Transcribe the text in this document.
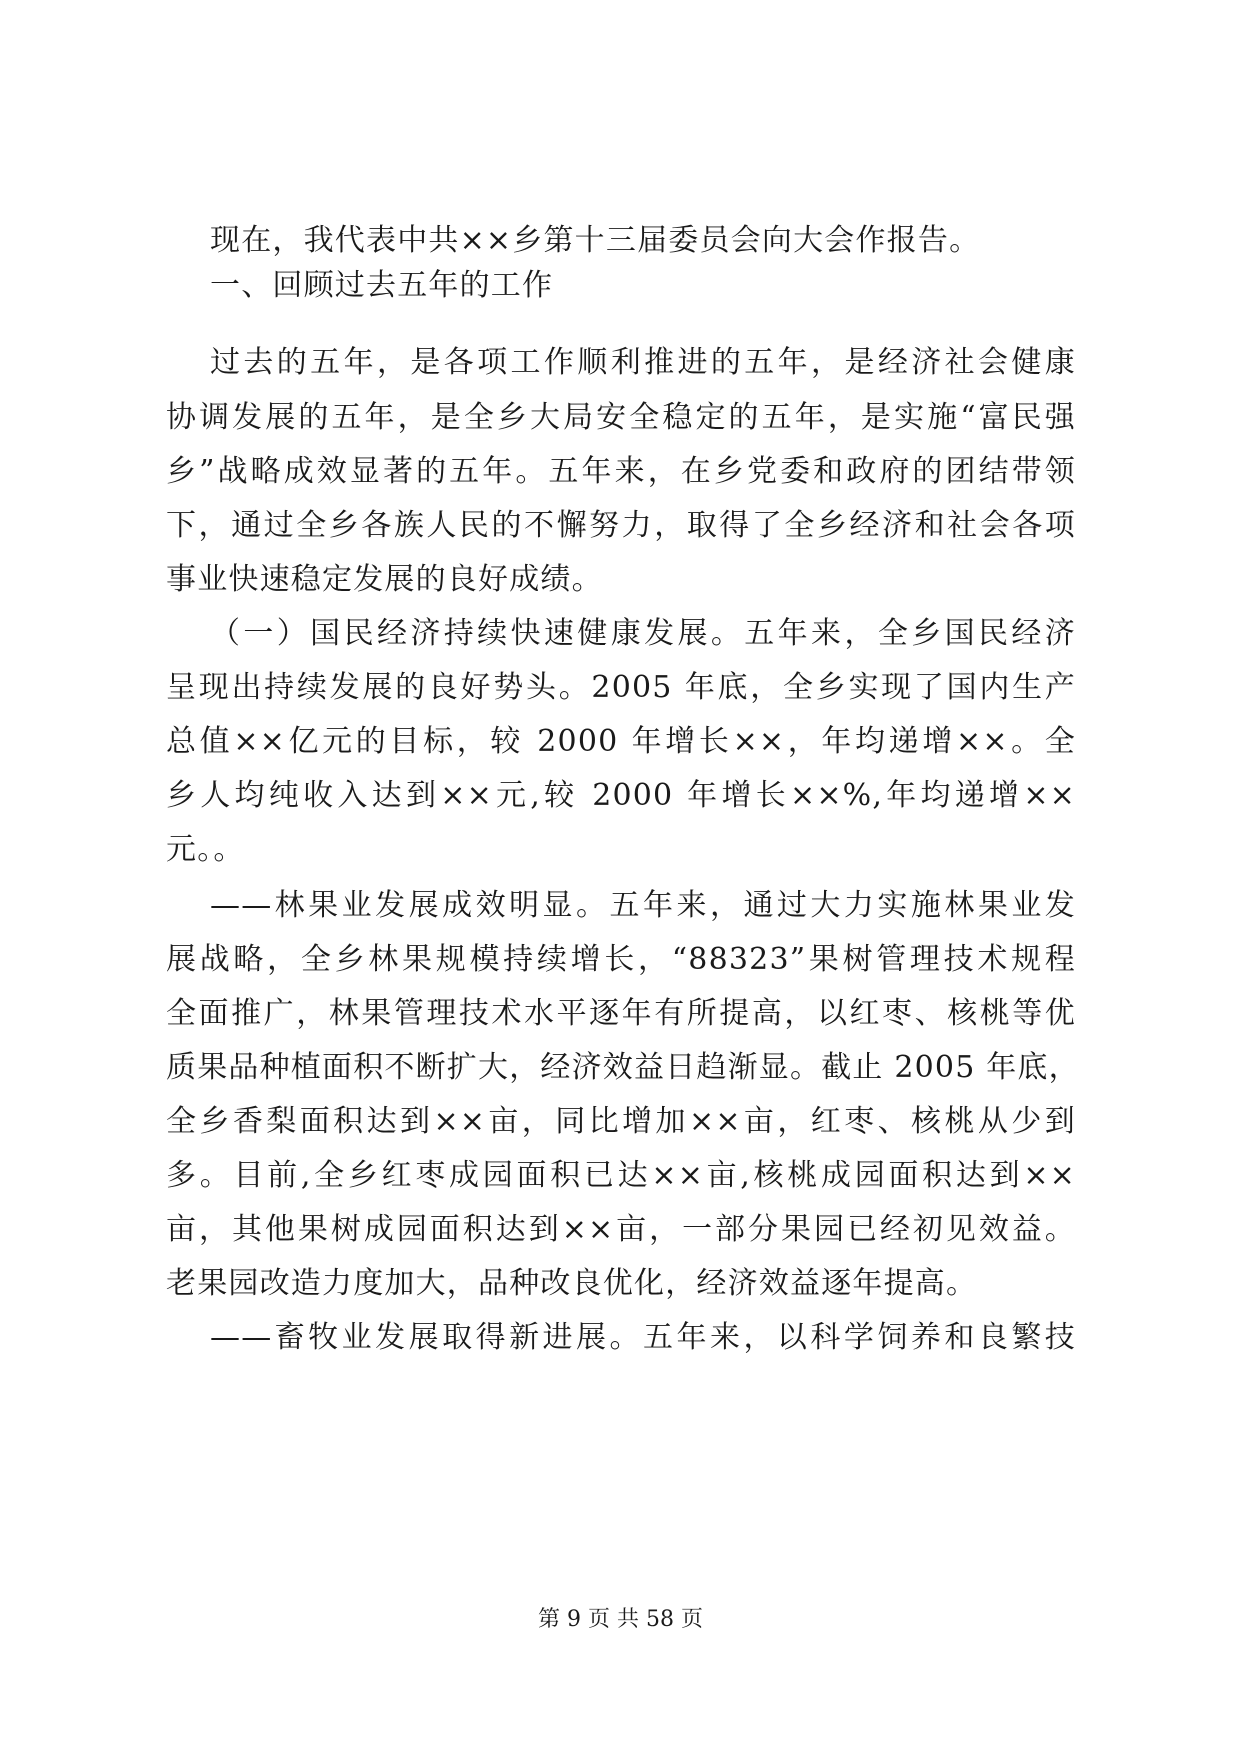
现在，我代表中共××乡第十三届委员会向大会作报告。
一、回顾过去五年的工作
过去的五年，是各项工作顺利推进的五年，是经济社会健康
协调发展的五年，是全乡大局安全稳定的五年，是实施“富民强
乡”战略成效显著的五年。五年来，在乡党委和政府的团结带领
下，通过全乡各族人民的不懈努力，取得了全乡经济和社会各项
事业快速稳定发展的良好成绩。
（一）国民经济持续快速健康发展。五年来，全乡国民经济
呈现出持续发展的良好势头。2005 年底，全乡实现了国内生产
总值××亿元的目标，较 2000 年增长××，年均递增××。全
乡人均纯收入达到××元,较 2000 年增长××%,年均递增××
元。。
——林果业发展成效明显。五年来，通过大力实施林果业发
展战略，全乡林果规模持续增长，“88323”果树管理技术规程
全面推广，林果管理技术水平逐年有所提高，以红枣、核桃等优
质果品种植面积不断扩大，经济效益日趋渐显。截止 2005 年底，
全乡香梨面积达到××亩，同比增加××亩，红枣、核桃从少到
多。目前,全乡红枣成园面积已达××亩,核桃成园面积达到××
亩，其他果树成园面积达到××亩，一部分果园已经初见效益。
老果园改造力度加大，品种改良优化，经济效益逐年提高。
——畜牧业发展取得新进展。五年来，以科学饲养和良繁技
第 9 页 共 58 页
